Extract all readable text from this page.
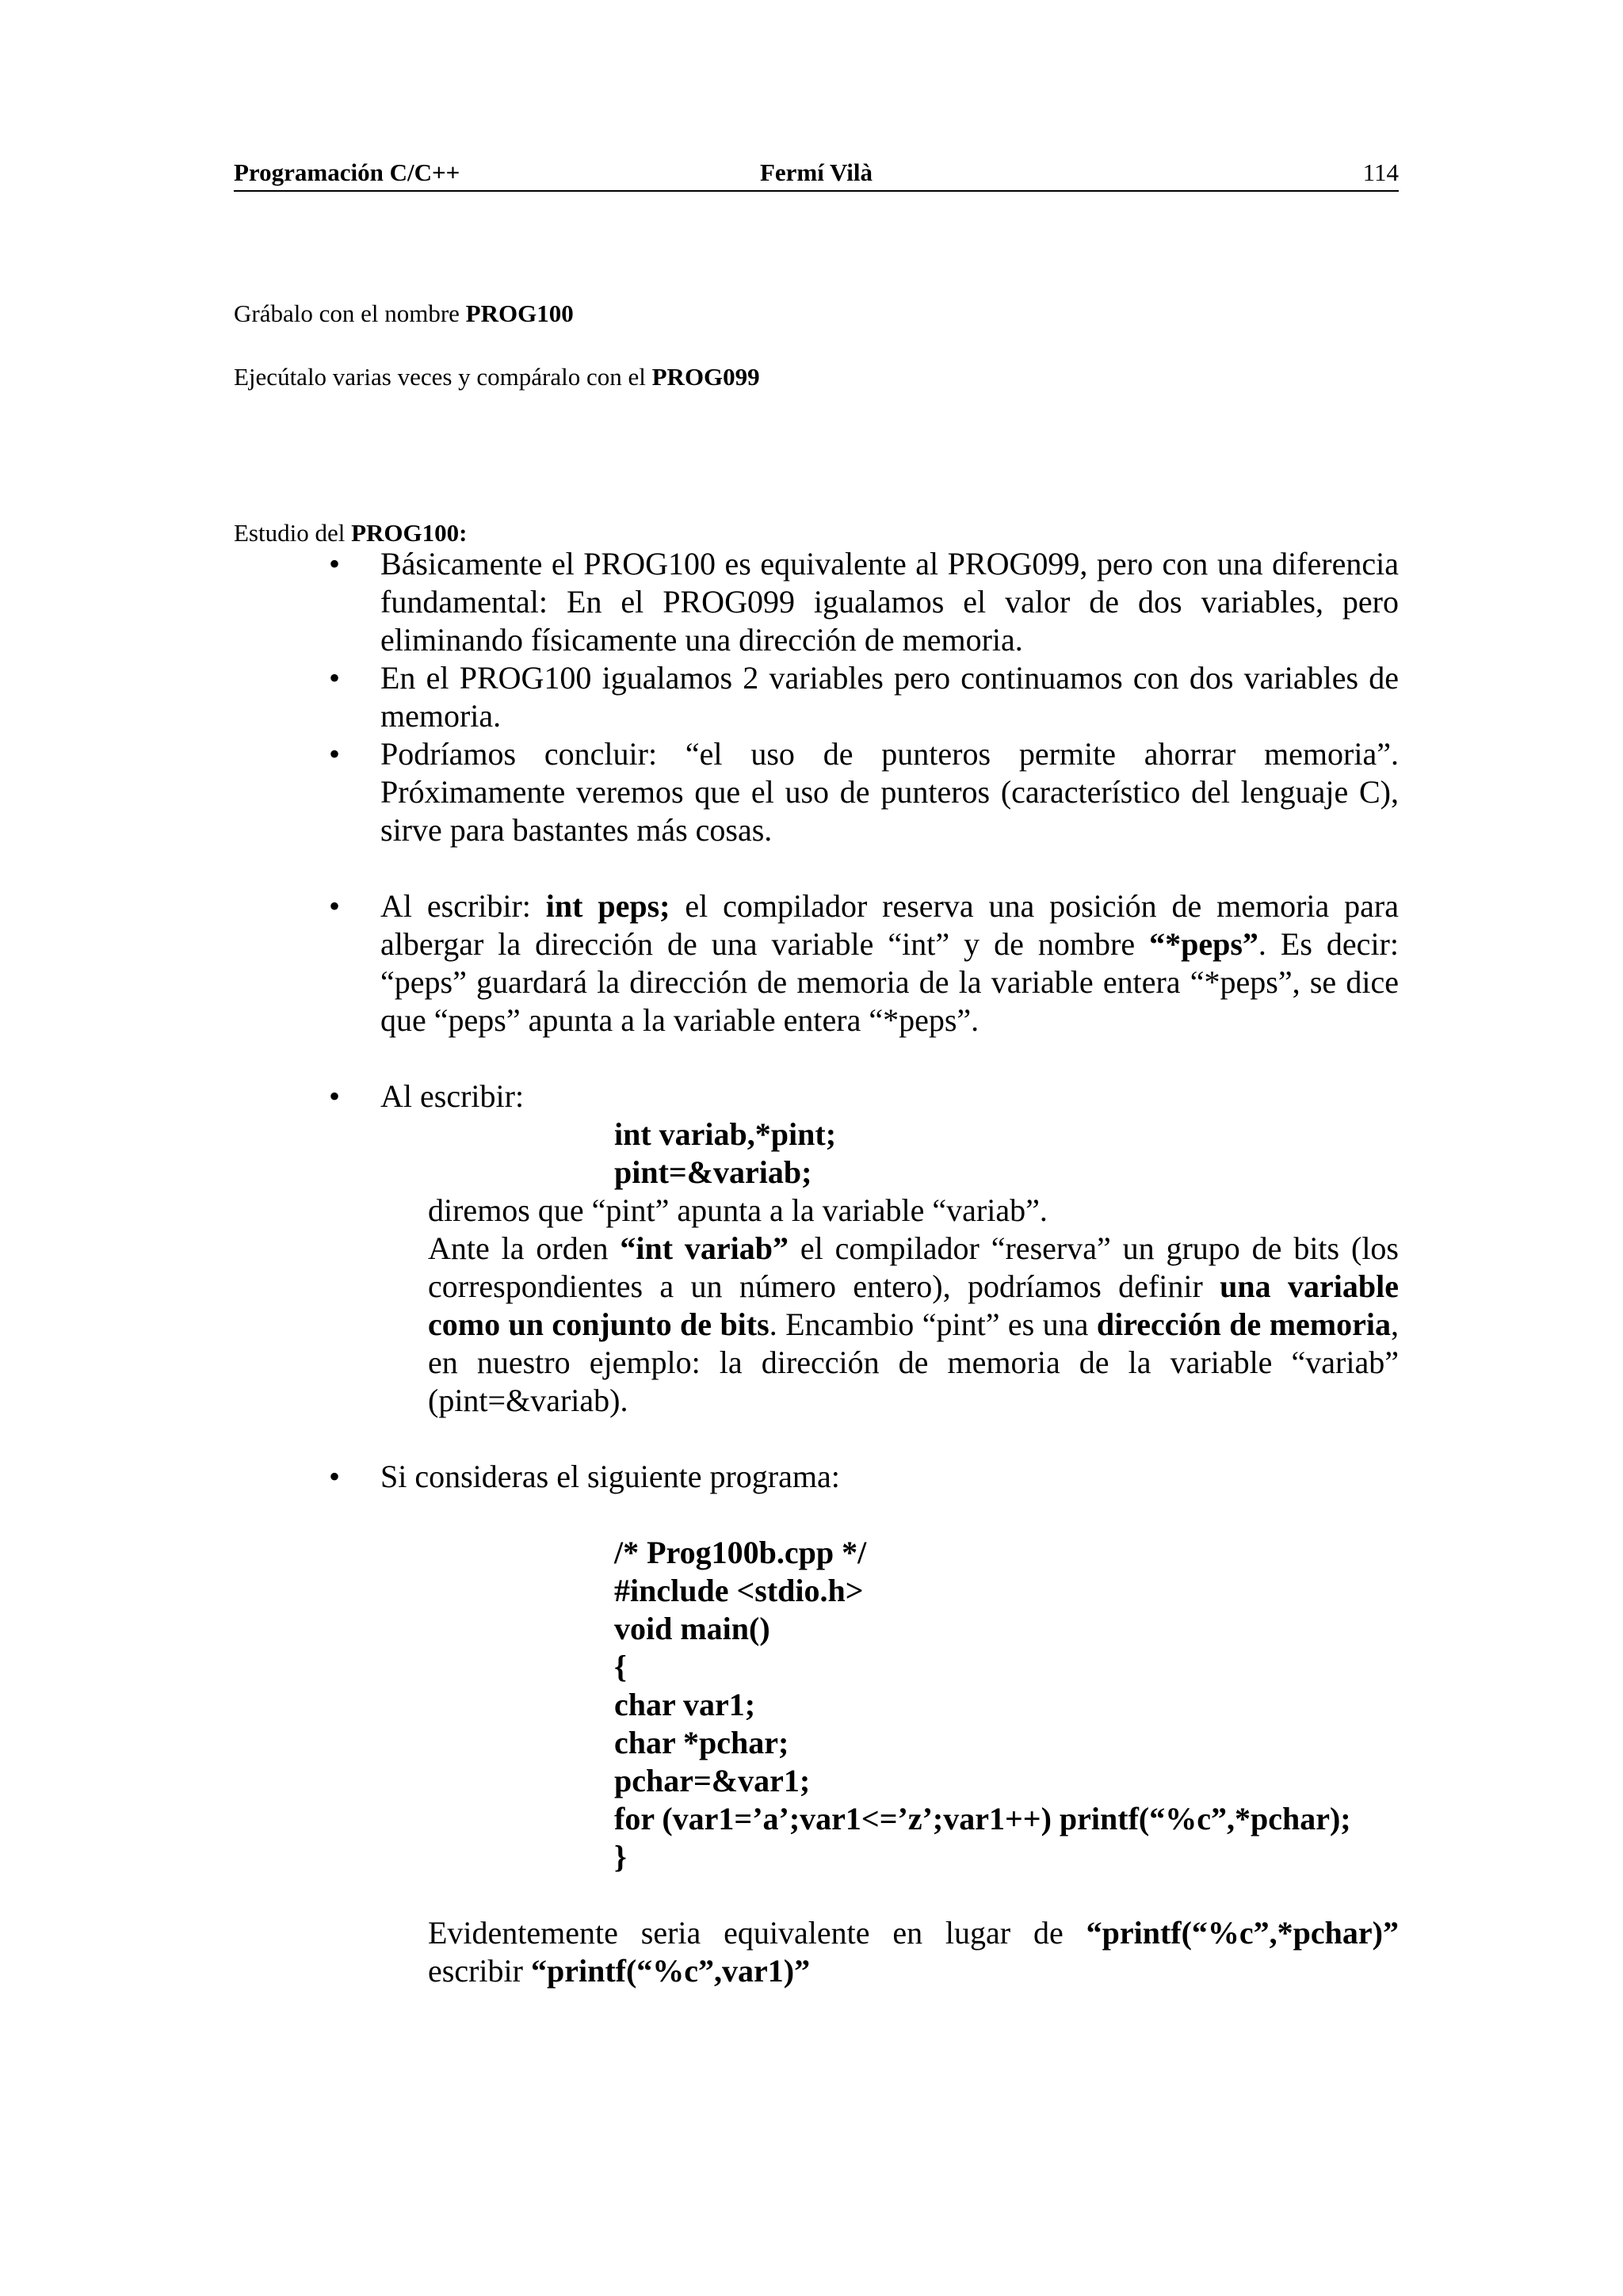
Programación C/C++	Fermí Vilà	114
Grábalo con el nombre PROG100
Ejecútalo varias veces y compáralo con el PROG099
Estudio del PROG100:
• Básicamente el PROG100 es equivalente al PROG099, pero con una diferencia fundamental: En el PROG099 igualamos el valor de dos variables, pero eliminando físicamente una dirección de memoria.
• En el PROG100 igualamos 2 variables pero continuamos con dos variables de memoria.
• Podríamos concluir: “el uso de punteros permite ahorrar memoria”. Próximamente veremos que el uso de punteros (característico del lenguaje C), sirve para bastantes más cosas.
• Al escribir: int peps; el compilador reserva una posición de memoria para albergar la dirección de una variable “int” y de nombre “*peps”. Es decir: “peps” guardará la dirección de memoria de la variable entera “*peps”, se dice que “peps” apunta a la variable entera “*peps”.
• Al escribir:
int variab,*pint;
pint=&variab;
diremos que “pint” apunta a la variable “variab”.
Ante la orden “int variab” el compilador “reserva” un grupo de bits (los correspondientes a un número entero), podríamos definir una variable como un conjunto de bits. Encambio “pint” es una dirección de memoria, en nuestro ejemplo: la dirección de memoria de la variable “variab” (pint=&variab).
• Si consideras el siguiente programa:
/* Prog100b.cpp */
#include <stdio.h>
void main()
{
char var1;
char *pchar;
pchar=&var1;
for (var1=’a’;var1<=’z’;var1++) printf(“%c”,*pchar);
}
Evidentemente seria equivalente en lugar de “printf(“%c”,*pchar)” escribir “printf(“%c”,var1)”
